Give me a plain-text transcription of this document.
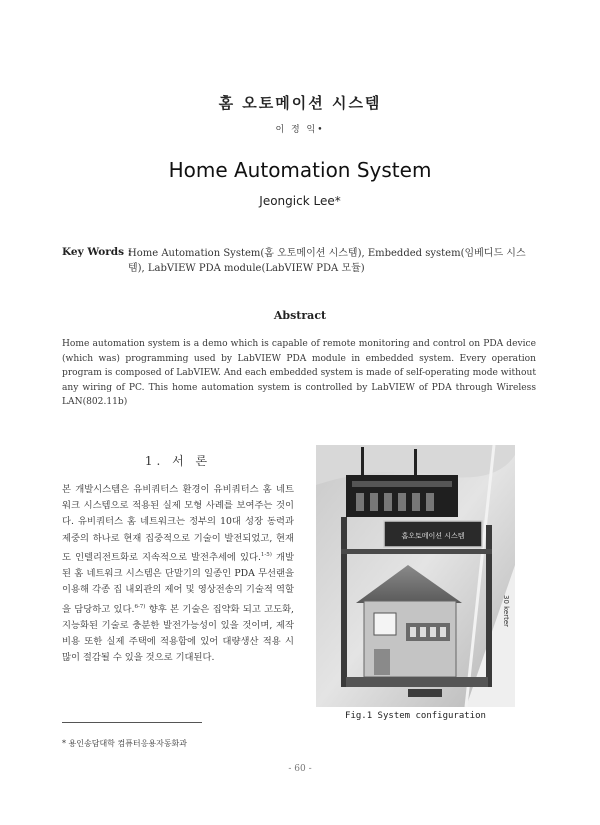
홈 오토메이션 시스템
이 정 익•
Home Automation System
Jeongick Lee*
Key Words :
Home Automation System(홈 오토메이션 시스템), Embedded system(임베디드 시스템), LabVIEW PDA module(LabVIEW PDA 모듈)
Abstract
Home automation system is a demo which is capable of remote monitoring and control on PDA device (which was) programming used by LabVIEW PDA module in embedded system. Every operation program is composed of LabVIEW. And each embedded system is made of self-operating mode without any wiring of PC. This home automation system is controlled by LabVIEW of PDA through Wireless LAN(802.11b)
1. 서 론
본 개발시스템은 유비쿼터스 환경이 유비쿼터스 홈 네트워크 시스템으로 적용된 실제 모형 사례를 보여주는 것이다. 유비쿼터스 홈 네트워크는 정부의 10대 성장 동력과제중의 하나로 현재 집중적으로 기술이 발전되었고, 현재도 인텔리전트화로 지속적으로 발전추세에 있다.$^{1-5)}$ 개발된 홈 네트워크 시스템은 단말기의 일종인 PDA 무선랜을 이용해 각종 집 내외관의 제어 및 영상전송의 기술적 역할을 담당하고 있다.$^{6-7)}$ 향후 본 기술은 집약화 되고 고도화, 지능화된 기술로 충분한 발전가능성이 있을 것이며, 제작비용 또한 실제 주택에 적용함에 있어 대량생산 적용 시 많이 절감될 수 있을 것으로 기대된다.
홈오토메이션 시스템
30 kerter
Fig.1 System configuration
* 용인송담대학 컴퓨터응용자동화과
- 60 -
